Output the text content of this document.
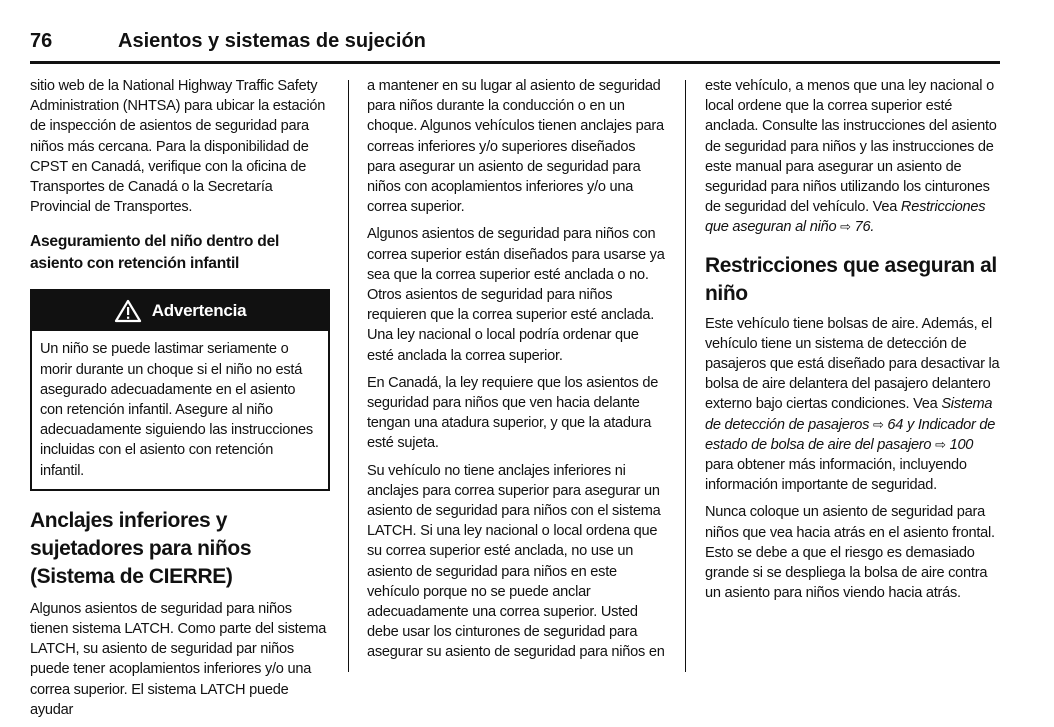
76	Asientos y sistemas de sujeción

sitio web de la National Highway Traffic Safety Administration (NHTSA) para ubicar la estación de inspección de asientos de seguridad para niños más cercana. Para la disponibilidad de CPST en Canadá, verifique con la oficina de Transportes de Canadá o la Secretaría Provincial de Transportes.

Aseguramiento del niño dentro del asiento con retención infantil
Advertencia
Un niño se puede lastimar seriamente o morir durante un choque si el niño no está asegurado adecuadamente en el asiento con retención infantil. Asegure al niño adecuadamente siguiendo las instrucciones incluidas con el asiento con retención infantil.
Anclajes inferiores y sujetadores para niños (Sistema de CIERRE)

Algunos asientos de seguridad para niños tienen sistema LATCH. Como parte del sistema LATCH, su asiento de seguridad par niños puede tener acoplamientos inferiores y/o una correa superior. El sistema LATCH puede ayudar

a mantener en su lugar al asiento de seguridad para niños durante la conducción o en un choque. Algunos vehículos tienen anclajes para correas inferiores y/o superiores diseñados para asegurar un asiento de seguridad para niños con acoplamientos inferiores y/o una correa superior.

Algunos asientos de seguridad para niños con correa superior están diseñados para usarse ya sea que la correa superior esté anclada o no. Otros asientos de seguridad para niños requieren que la correa superior esté anclada. Una ley nacional o local podría ordenar que esté anclada la correa superior.

En Canadá, la ley requiere que los asientos de seguridad para niños que ven hacia delante tengan una atadura superior, y que la atadura esté sujeta.

Su vehículo no tiene anclajes inferiores ni anclajes para correa superior para asegurar un asiento de seguridad para niños con el sistema LATCH. Si una ley nacional o local ordena que su correa superior esté anclada, no use un asiento de seguridad para niños en este vehículo porque no se puede anclar adecuadamente una correa superior. Usted debe usar los cinturones de seguridad para asegurar su asiento de seguridad para niños en

este vehículo, a menos que una ley nacional o local ordene que la correa superior esté anclada. Consulte las instrucciones del asiento de seguridad para niños y las instrucciones de este manual para asegurar un asiento de seguridad para niños utilizando los cinturones de seguridad del vehículo. Vea Restricciones que aseguran al niño ⇨ 76.

Restricciones que aseguran al niño

Este vehículo tiene bolsas de aire. Además, el vehículo tiene un sistema de detección de pasajeros que está diseñado para desactivar la bolsa de aire delantera del pasajero delantero externo bajo ciertas condiciones. Vea Sistema de detección de pasajeros ⇨ 64 y Indicador de estado de bolsa de aire del pasajero ⇨ 100 para obtener más información, incluyendo información importante de seguridad.

Nunca coloque un asiento de seguridad para niños que vea hacia atrás en el asiento frontal. Esto se debe a que el riesgo es demasiado grande si se despliega la bolsa de aire contra un asiento para niños viendo hacia atrás.
